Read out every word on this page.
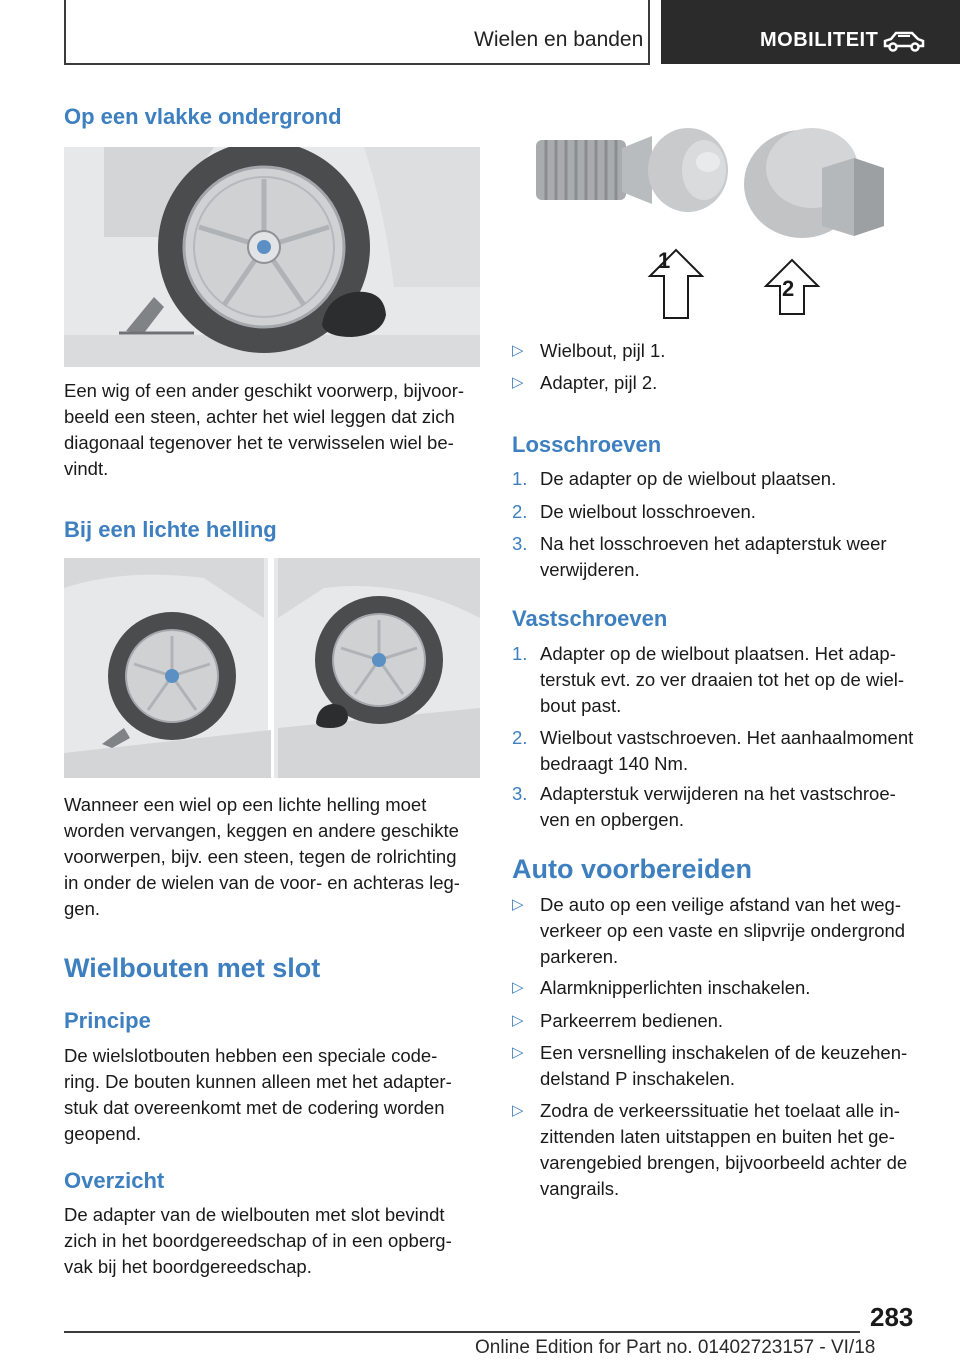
Wielen en banden	MOBILITEIT
Op een vlakke ondergrond

Een wig of een ander geschikt voorwerp, bijvoor-
beeld een steen, achter het wiel leggen dat zich
diagonaal tegenover het te verwisselen wiel be-
vindt.

Bij een lichte helling

Wanneer een wiel op een lichte helling moet
worden vervangen, keggen en andere geschikte
voorwerpen, bijv. een steen, tegen de rolrichting
in onder de wielen van de voor- en achteras leg-
gen.

Wielbouten met slot
Principe

De wielslotbouten hebben een speciale code-
ring. De bouten kunnen alleen met het adapter-
stuk dat overeenkomt met de codering worden
geopend.

Overzicht

De adapter van de wielbouten met slot bevindt
zich in het boordgereedschap of in een opberg-
vak bij het boordgereedschap.

1
2
▷ Wielbout, pijl 1.
▷ Adapter, pijl 2.
Losschroeven
1. De adapter op de wielbout plaatsen.
2. De wielbout losschroeven.
3. Na het losschroeven het adapterstuk weer
verwijderen.
Vastschroeven
1. Adapter op de wielbout plaatsen. Het adap-
terstuk evt. zo ver draaien tot het op de wiel-
bout past.
2. Wielbout vastschroeven. Het aanhaalmoment
bedraagt 140 Nm.
3. Adapterstuk verwijderen na het vastschroe-
ven en opbergen.
Auto voorbereiden
▷ De auto op een veilige afstand van het weg-
verkeer op een vaste en slipvrije ondergrond
parkeren.
▷ Alarmknipperlichten inschakelen.
▷ Parkeerrem bedienen.
▷ Een versnelling inschakelen of de keuzehen-
delstand P inschakelen.
▷ Zodra de verkeerssituatie het toelaat alle in-
zittenden laten uitstappen en buiten het ge-
varengebied brengen, bijvoorbeeld achter de
vangrails.
283
Online Edition for Part no. 01402723157 - VI/18
